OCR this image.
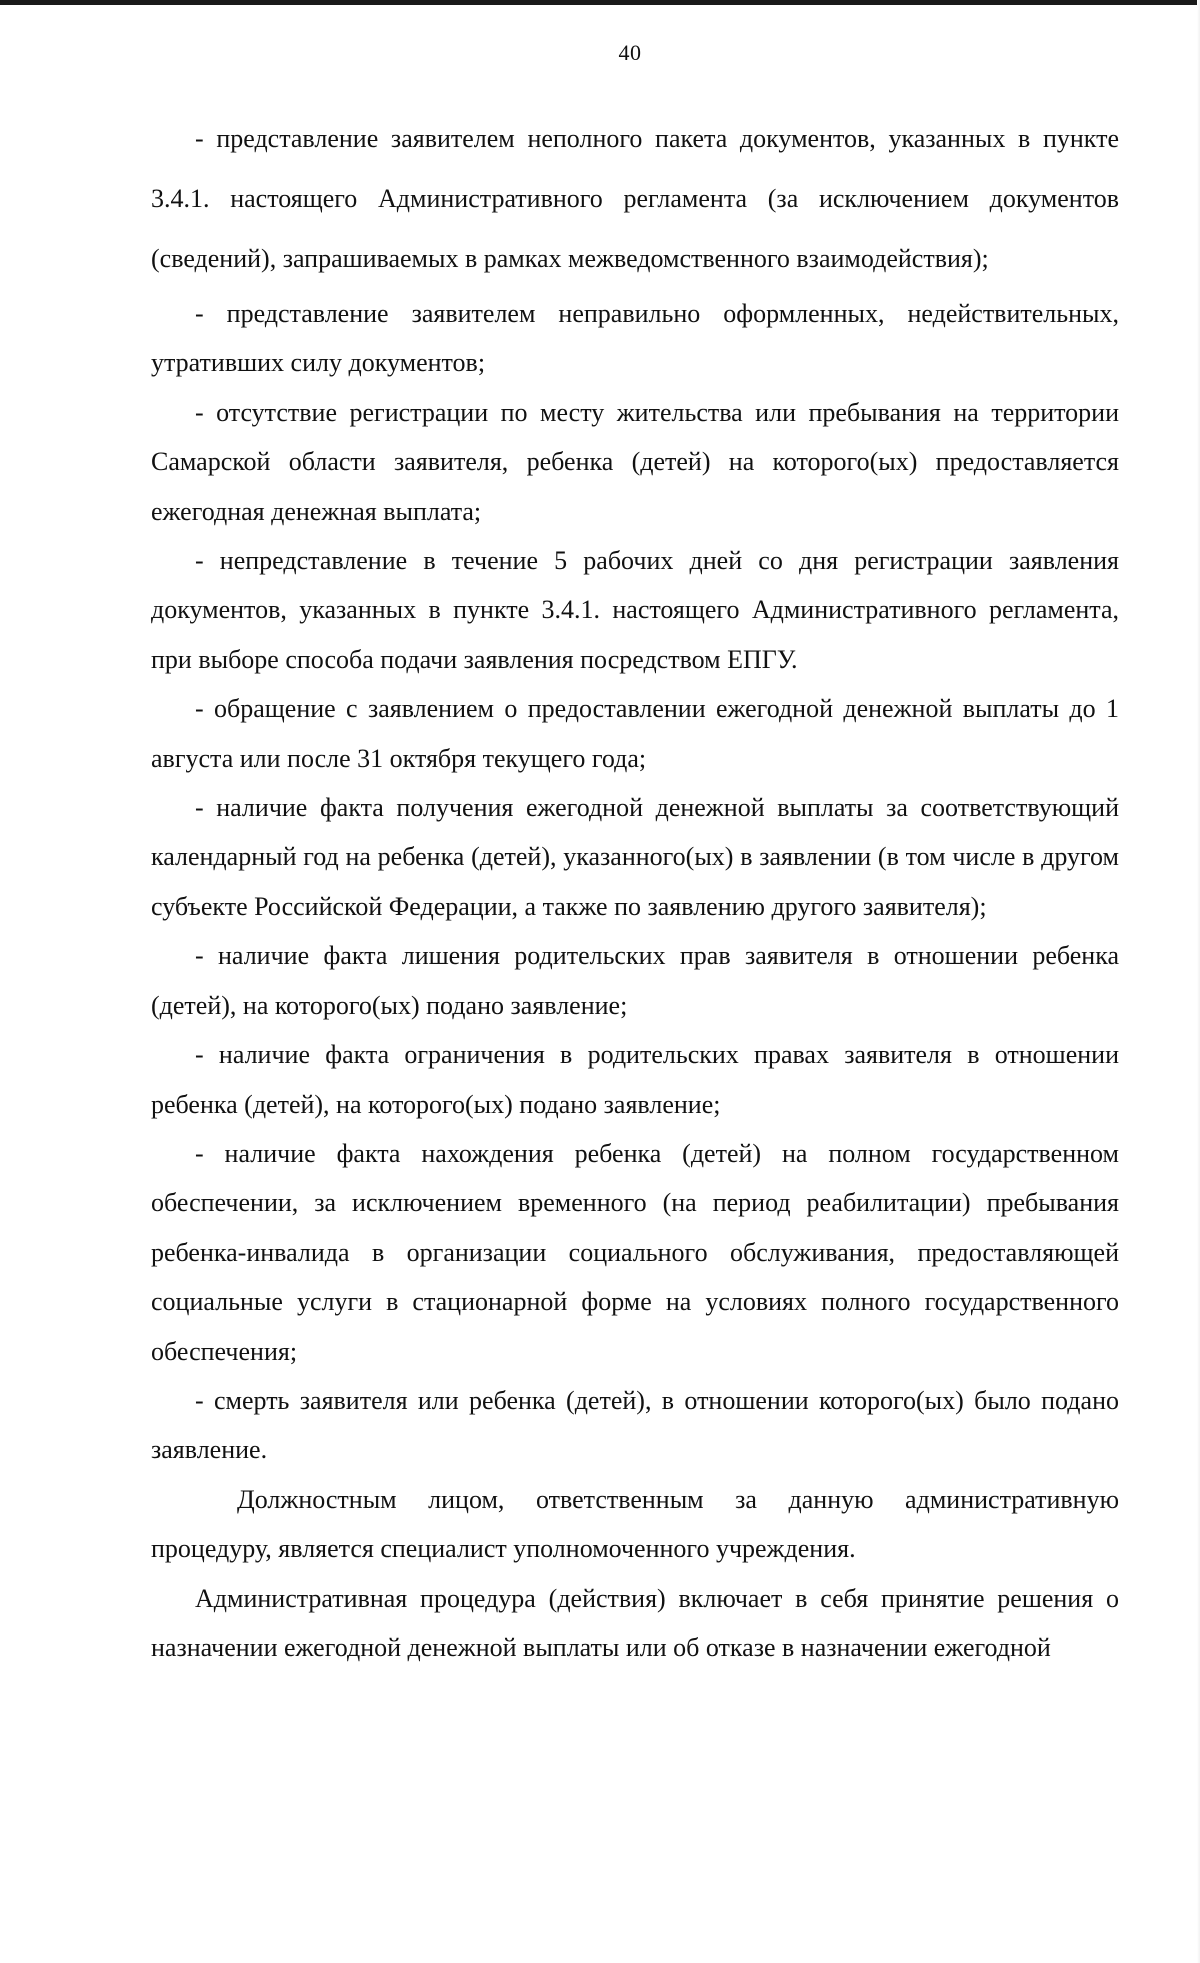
40

- представление заявителем неполного пакета документов, указанных в пункте 3.4.1. настоящего Административного регламента (за исключением документов (сведений), запрашиваемых в рамках межведомственного взаимодействия);

- представление заявителем неправильно оформленных, недействительных, утративших силу документов;

- отсутствие регистрации по месту жительства или пребывания на территории Самарской области заявителя, ребенка (детей) на которого(ых) предоставляется ежегодная денежная выплата;

- непредставление в течение 5 рабочих дней со дня регистрации заявления документов, указанных в пункте 3.4.1. настоящего Административного регламента, при выборе способа подачи заявления посредством ЕПГУ.

- обращение с заявлением о предоставлении ежегодной денежной выплаты до 1 августа или после 31 октября текущего года;

- наличие факта получения ежегодной денежной выплаты за соответствующий календарный год на ребенка (детей), указанного(ых) в заявлении (в том числе в другом субъекте Российской Федерации, а также по заявлению другого заявителя);

- наличие факта лишения родительских прав заявителя в отношении ребенка (детей), на которого(ых) подано заявление;

- наличие факта ограничения в родительских правах заявителя в отношении ребенка (детей), на которого(ых) подано заявление;

- наличие факта нахождения ребенка (детей) на полном государственном обеспечении, за исключением временного (на период реабилитации) пребывания ребенка-инвалида в организации социального обслуживания, предоставляющей социальные услуги в стационарной форме на условиях полного государственного обеспечения;

- смерть заявителя или ребенка (детей), в отношении которого(ых) было подано заявление.

Должностным лицом, ответственным за данную административную процедуру, является специалист уполномоченного учреждения.

Административная процедура (действия) включает в себя принятие решения о назначении ежегодной денежной выплаты или об отказе в назначении ежегодной
